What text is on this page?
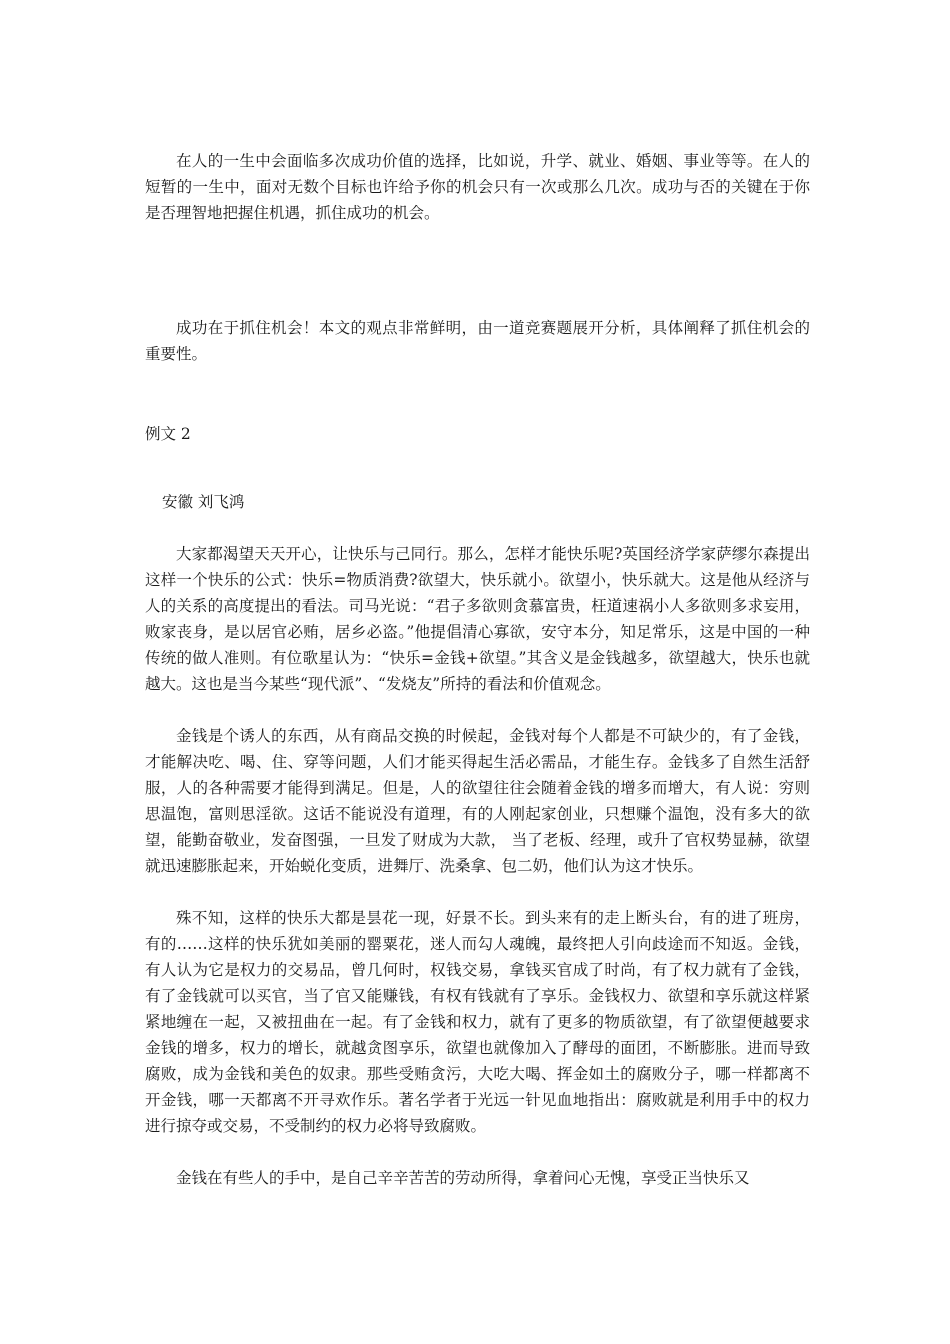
在人的一生中会面临多次成功价值的选择，比如说，升学、就业、婚姻、事业等等。在人的短暂的一生中，面对无数个目标也许给予你的机会只有一次或那么几次。成功与否的关键在于你是否理智地把握住机遇，抓住成功的机会。

成功在于抓住机会！本文的观点非常鲜明，由一道竞赛题展开分析，具体阐释了抓住机会的重要性。

例文 2

安徽 刘飞鸿

大家都渴望天天开心，让快乐与己同行。那么，怎样才能快乐呢?英国经济学家萨缪尔森提出这样一个快乐的公式：快乐=物质消费?欲望大，快乐就小。欲望小，快乐就大。这是他从经济与人的关系的高度提出的看法。司马光说：“君子多欲则贪慕富贵，枉道速祸小人多欲则多求妄用，败家丧身，是以居官必贿，居乡必盗。”他提倡清心寡欲，安守本分，知足常乐，这是中国的一种传统的做人准则。有位歌星认为：“快乐=金钱+欲望。”其含义是金钱越多，欲望越大，快乐也就越大。这也是当今某些“现代派”、“发烧友”所持的看法和价值观念。

金钱是个诱人的东西，从有商品交换的时候起，金钱对每个人都是不可缺少的，有了金钱，才能解决吃、喝、住、穿等问题，人们才能买得起生活必需品，才能生存。金钱多了自然生活舒服，人的各种需要才能得到满足。但是，人的欲望往往会随着金钱的增多而增大，有人说：穷则思温饱，富则思淫欲。这话不能说没有道理，有的人刚起家创业，只想赚个温饱，没有多大的欲望，能勤奋敬业，发奋图强，一旦发了财成为大款， 当了老板、经理，或升了官权势显赫，欲望就迅速膨胀起来，开始蜕化变质，进舞厅、洗桑拿、包二奶，他们认为这才快乐。

殊不知，这样的快乐大都是昙花一现，好景不长。到头来有的走上断头台，有的进了班房，有的……这样的快乐犹如美丽的罂粟花，迷人而勾人魂魄，最终把人引向歧途而不知返。金钱，有人认为它是权力的交易品，曾几何时，权钱交易，拿钱买官成了时尚，有了权力就有了金钱，有了金钱就可以买官，当了官又能赚钱，有权有钱就有了享乐。金钱权力、欲望和享乐就这样紧紧地缠在一起，又被扭曲在一起。有了金钱和权力，就有了更多的物质欲望，有了欲望便越要求金钱的增多，权力的增长，就越贪图享乐，欲望也就像加入了酵母的面团，不断膨胀。进而导致腐败，成为金钱和美色的奴隶。那些受贿贪污，大吃大喝、挥金如土的腐败分子，哪一样都离不开金钱，哪一天都离不开寻欢作乐。著名学者于光远一针见血地指出：腐败就是利用手中的权力进行掠夺或交易，不受制约的权力必将导致腐败。

金钱在有些人的手中，是自己辛辛苦苦的劳动所得，拿着问心无愧，享受正当快乐又
